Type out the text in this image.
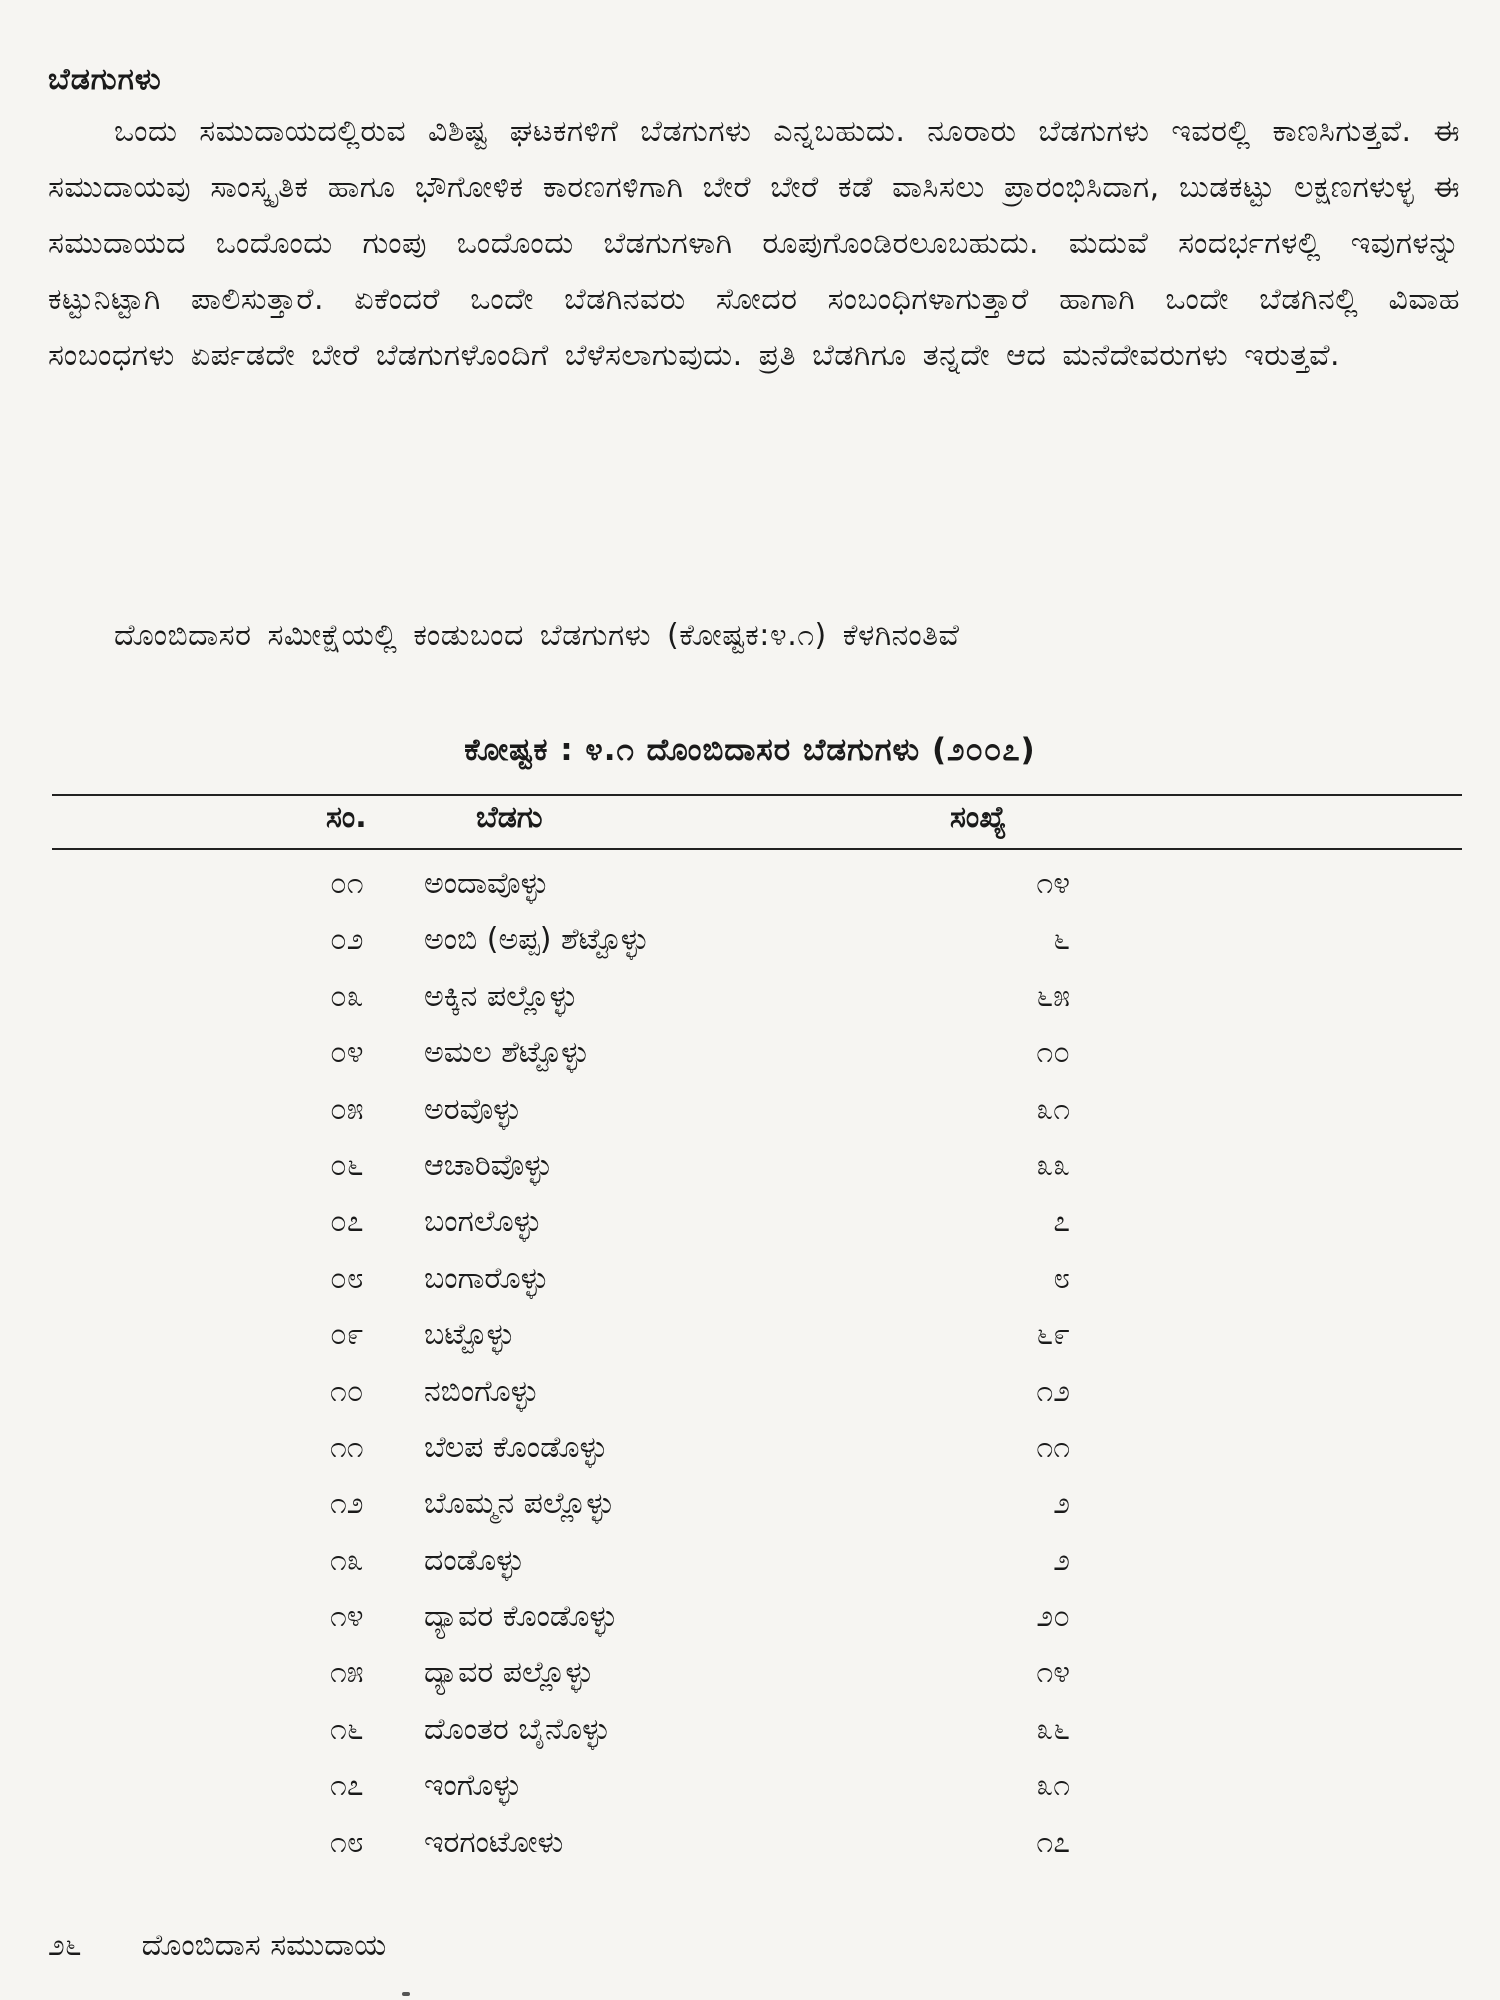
ಬೆಡಗುಗಳು

ಒಂದು ಸಮುದಾಯದಲ್ಲಿರುವ ವಿಶಿಷ್ಟ ಘಟಕಗಳಿಗೆ ಬೆಡಗುಗಳು ಎನ್ನಬಹುದು. ನೂರಾರು ಬೆಡಗುಗಳು ಇವರಲ್ಲಿ ಕಾಣಸಿಗುತ್ತವೆ. ಈ ಸಮುದಾಯವು ಸಾಂಸ್ಕೃತಿಕ ಹಾಗೂ ಭೌಗೋಳಿಕ ಕಾರಣಗಳಿಗಾಗಿ ಬೇರೆ ಬೇರೆ ಕಡೆ ವಾಸಿಸಲು ಪ್ರಾರಂಭಿಸಿದಾಗ, ಬುಡಕಟ್ಟು ಲಕ್ಷಣಗಳುಳ್ಳ ಈ ಸಮುದಾಯದ ಒಂದೊಂದು ಗುಂಪು ಒಂದೊಂದು ಬೆಡಗುಗಳಾಗಿ ರೂಪುಗೊಂಡಿರಲೂಬಹುದು. ಮದುವೆ ಸಂದರ್ಭಗಳಲ್ಲಿ ಇವುಗಳನ್ನು ಕಟ್ಟುನಿಟ್ಟಾಗಿ ಪಾಲಿಸುತ್ತಾರೆ. ಏಕೆಂದರೆ ಒಂದೇ ಬೆಡಗಿನವರು ಸೋದರ ಸಂಬಂಧಿಗಳಾಗುತ್ತಾರೆ ಹಾಗಾಗಿ ಒಂದೇ ಬೆಡಗಿನಲ್ಲಿ ವಿವಾಹ ಸಂಬಂಧಗಳು ಏರ್ಪಡದೇ ಬೇರೆ ಬೆಡಗುಗಳೊಂದಿಗೆ ಬೆಳೆಸಲಾಗುವುದು. ಪ್ರತಿ ಬೆಡಗಿಗೂ ತನ್ನದೇ ಆದ ಮನೆದೇವರುಗಳು ಇರುತ್ತವೆ.

ದೊಂಬಿದಾಸರ ಸಮೀಕ್ಷೆಯಲ್ಲಿ ಕಂಡುಬಂದ ಬೆಡಗುಗಳು (ಕೋಷ್ಟಕ:೪.೧) ಕೆಳಗಿನಂತಿವೆ

ಕೋಷ್ಟಕ : ೪.೧ ದೊಂಬಿದಾಸರ ಬೆಡಗುಗಳು (೨೦೦೭)
ಸಂ.	ಬೆಡಗು	ಸಂಖ್ಯೆ
೦೧	ಅಂದಾವೊಳ್ಳು	೧೪
೦೨	ಅಂಬಿ (ಅಪ್ಪ) ಶೆಟ್ಟೊಳ್ಳು	೬
೦೩	ಅಕ್ಕಿನ ಪಲ್ಲೊಳ್ಳು	೬೫
೦೪	ಅಮಲ ಶೆಟ್ಟೊಳ್ಳು	೧೦
೦೫	ಅರವೊಳ್ಳು	೩೧
೦೬	ಆಚಾರಿವೊಳ್ಳು	೩೩
೦೭	ಬಂಗಲೊಳ್ಳು	೭
೦೮	ಬಂಗಾರೊಳ್ಳು	೮
೦೯	ಬಟ್ಟೊಳ್ಳು	೬೯
೧೦	ನಬಿಂಗೊಳ್ಳು	೧೨
೧೧	ಬೆಲಪ ಕೊಂಡೊಳ್ಳು	೧೧
೧೨	ಬೊಮ್ಮನ ಪಲ್ಲೊಳ್ಳು	೨
೧೩	ದಂಡೊಳ್ಳು	೨
೧೪	ದ್ಯಾವರ ಕೊಂಡೊಳ್ಳು	೨೦
೧೫	ದ್ಯಾವರ ಪಲ್ಲೊಳ್ಳು	೧೪
೧೬	ದೊಂತರ ಬೈನೊಳ್ಳು	೩೬
೧೭	ಇಂಗೊಳ್ಳು	೩೧
೧೮	ಇರಗಂಟೋಳು	೧೭
೨೬ ದೊಂಬಿದಾಸ ಸಮುದಾಯ
